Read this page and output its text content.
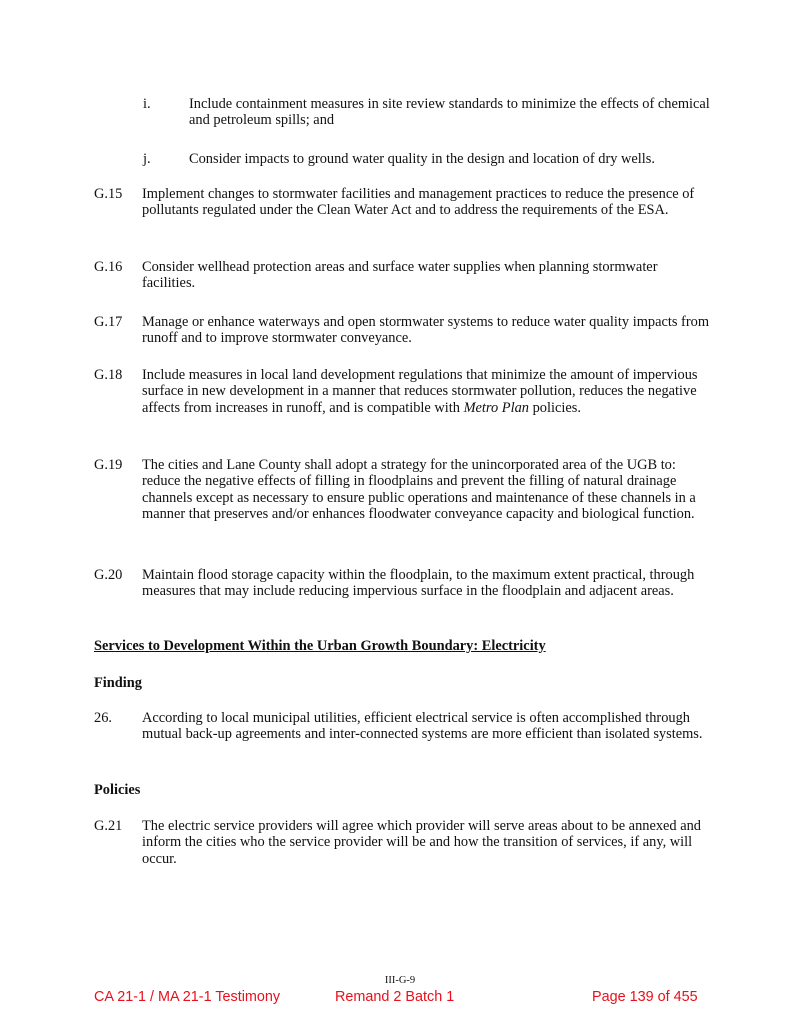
i.	Include containment measures in site review standards to minimize the effects of chemical and petroleum spills; and
j.	Consider impacts to ground water quality in the design and location of dry wells.
G.15 Implement changes to stormwater facilities and management practices to reduce the presence of pollutants regulated under the Clean Water Act and to address the requirements of the ESA.
G.16 Consider wellhead protection areas and surface water supplies when planning stormwater facilities.
G.17 Manage or enhance waterways and open stormwater systems to reduce water quality impacts from runoff and to improve stormwater conveyance.
G.18 Include measures in local land development regulations that minimize the amount of impervious surface in new development in a manner that reduces stormwater pollution, reduces the negative affects from increases in runoff, and is compatible with Metro Plan policies.
G.19 The cities and Lane County shall adopt a strategy for the unincorporated area of the UGB to: reduce the negative effects of filling in floodplains and prevent the filling of natural drainage channels except as necessary to ensure public operations and maintenance of these channels in a manner that preserves and/or enhances floodwater conveyance capacity and biological function.
G.20 Maintain flood storage capacity within the floodplain, to the maximum extent practical, through measures that may include reducing impervious surface in the floodplain and adjacent areas.
Services to Development Within the Urban Growth Boundary: Electricity
Finding
26. According to local municipal utilities, efficient electrical service is often accomplished through mutual back-up agreements and inter-connected systems are more efficient than isolated systems.
Policies
G.21 The electric service providers will agree which provider will serve areas about to be annexed and inform the cities who the service provider will be and how the transition of services, if any, will occur.
III-G-9
CA 21-1 / MA 21-1 Testimony	Remand 2 Batch 1	Page 139 of 455
